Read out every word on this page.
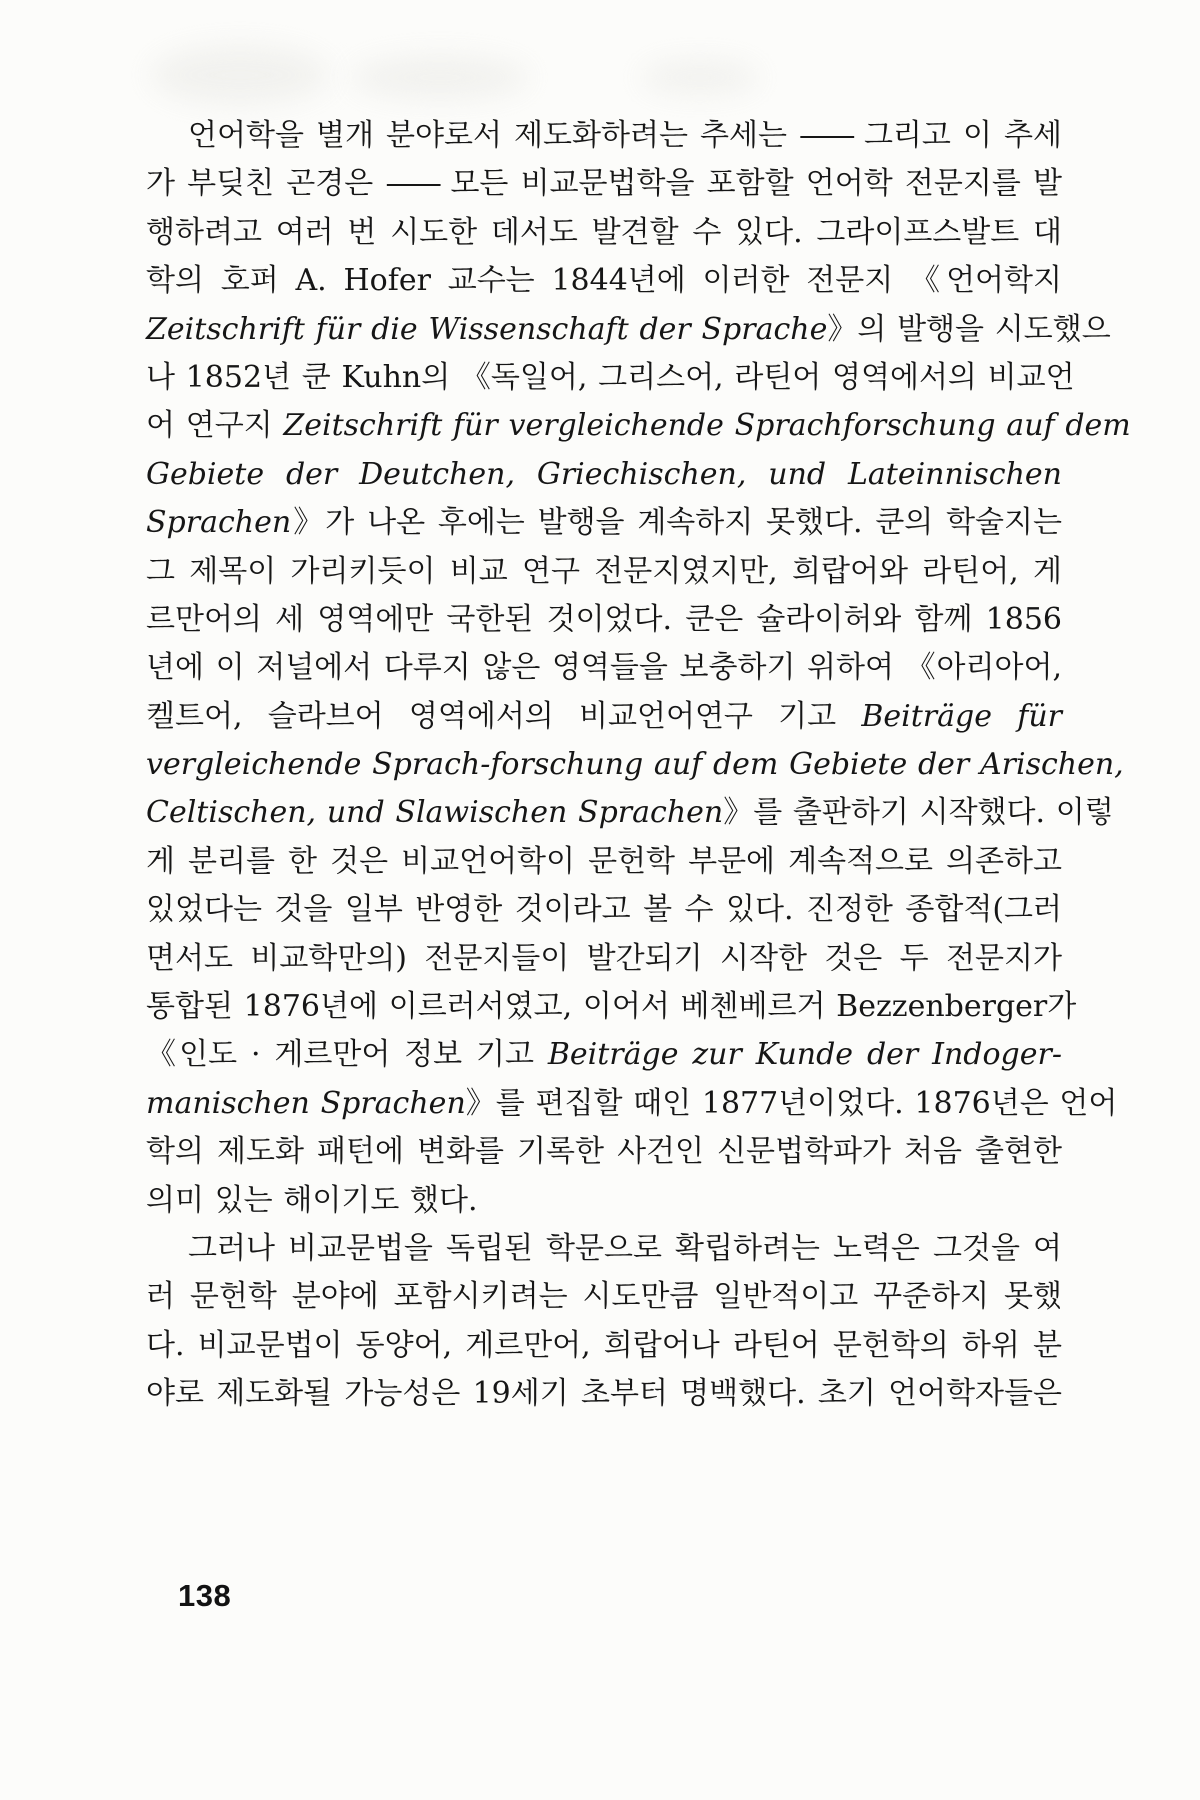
언어학을 별개 분야로서 제도화하려는 추세는 —— 그리고 이 추세
가 부딪친 곤경은 —— 모든 비교문법학을 포함할 언어학 전문지를 발
행하려고 여러 번 시도한 데서도 발견할 수 있다. 그라이프스발트 대
학의 호퍼 A. Hofer 교수는 1844년에 이러한 전문지 《언어학지
Zeitschrift für die Wissenschaft der Sprache》의 발행을 시도했으
나 1852년 쿤 Kuhn의 《독일어, 그리스어, 라틴어 영역에서의 비교언
어 연구지 Zeitschrift für vergleichende Sprachforschung auf dem
Gebiete der Deutchen, Griechischen, und Lateinnischen
Sprachen》가 나온 후에는 발행을 계속하지 못했다. 쿤의 학술지는
그 제목이 가리키듯이 비교 연구 전문지였지만, 희랍어와 라틴어, 게
르만어의 세 영역에만 국한된 것이었다. 쿤은 슐라이허와 함께 1856
년에 이 저널에서 다루지 않은 영역들을 보충하기 위하여 《아리아어,
켈트어, 슬라브어 영역에서의 비교언어연구 기고 Beiträge für
vergleichende Sprach-forschung auf dem Gebiete der Arischen,
Celtischen, und Slawischen Sprachen》를 출판하기 시작했다. 이렇
게 분리를 한 것은 비교언어학이 문헌학 부문에 계속적으로 의존하고
있었다는 것을 일부 반영한 것이라고 볼 수 있다. 진정한 종합적(그러
면서도 비교학만의) 전문지들이 발간되기 시작한 것은 두 전문지가
통합된 1876년에 이르러서였고, 이어서 베첸베르거 Bezzenberger가
《인도 · 게르만어 정보 기고 Beiträge zur Kunde der Indoger-
manischen Sprachen》를 편집할 때인 1877년이었다. 1876년은 언어
학의 제도화 패턴에 변화를 기록한 사건인 신문법학파가 처음 출현한
의미 있는 해이기도 했다.
그러나 비교문법을 독립된 학문으로 확립하려는 노력은 그것을 여
러 문헌학 분야에 포함시키려는 시도만큼 일반적이고 꾸준하지 못했
다. 비교문법이 동양어, 게르만어, 희랍어나 라틴어 문헌학의 하위 분
야로 제도화될 가능성은 19세기 초부터 명백했다. 초기 언어학자들은
138
